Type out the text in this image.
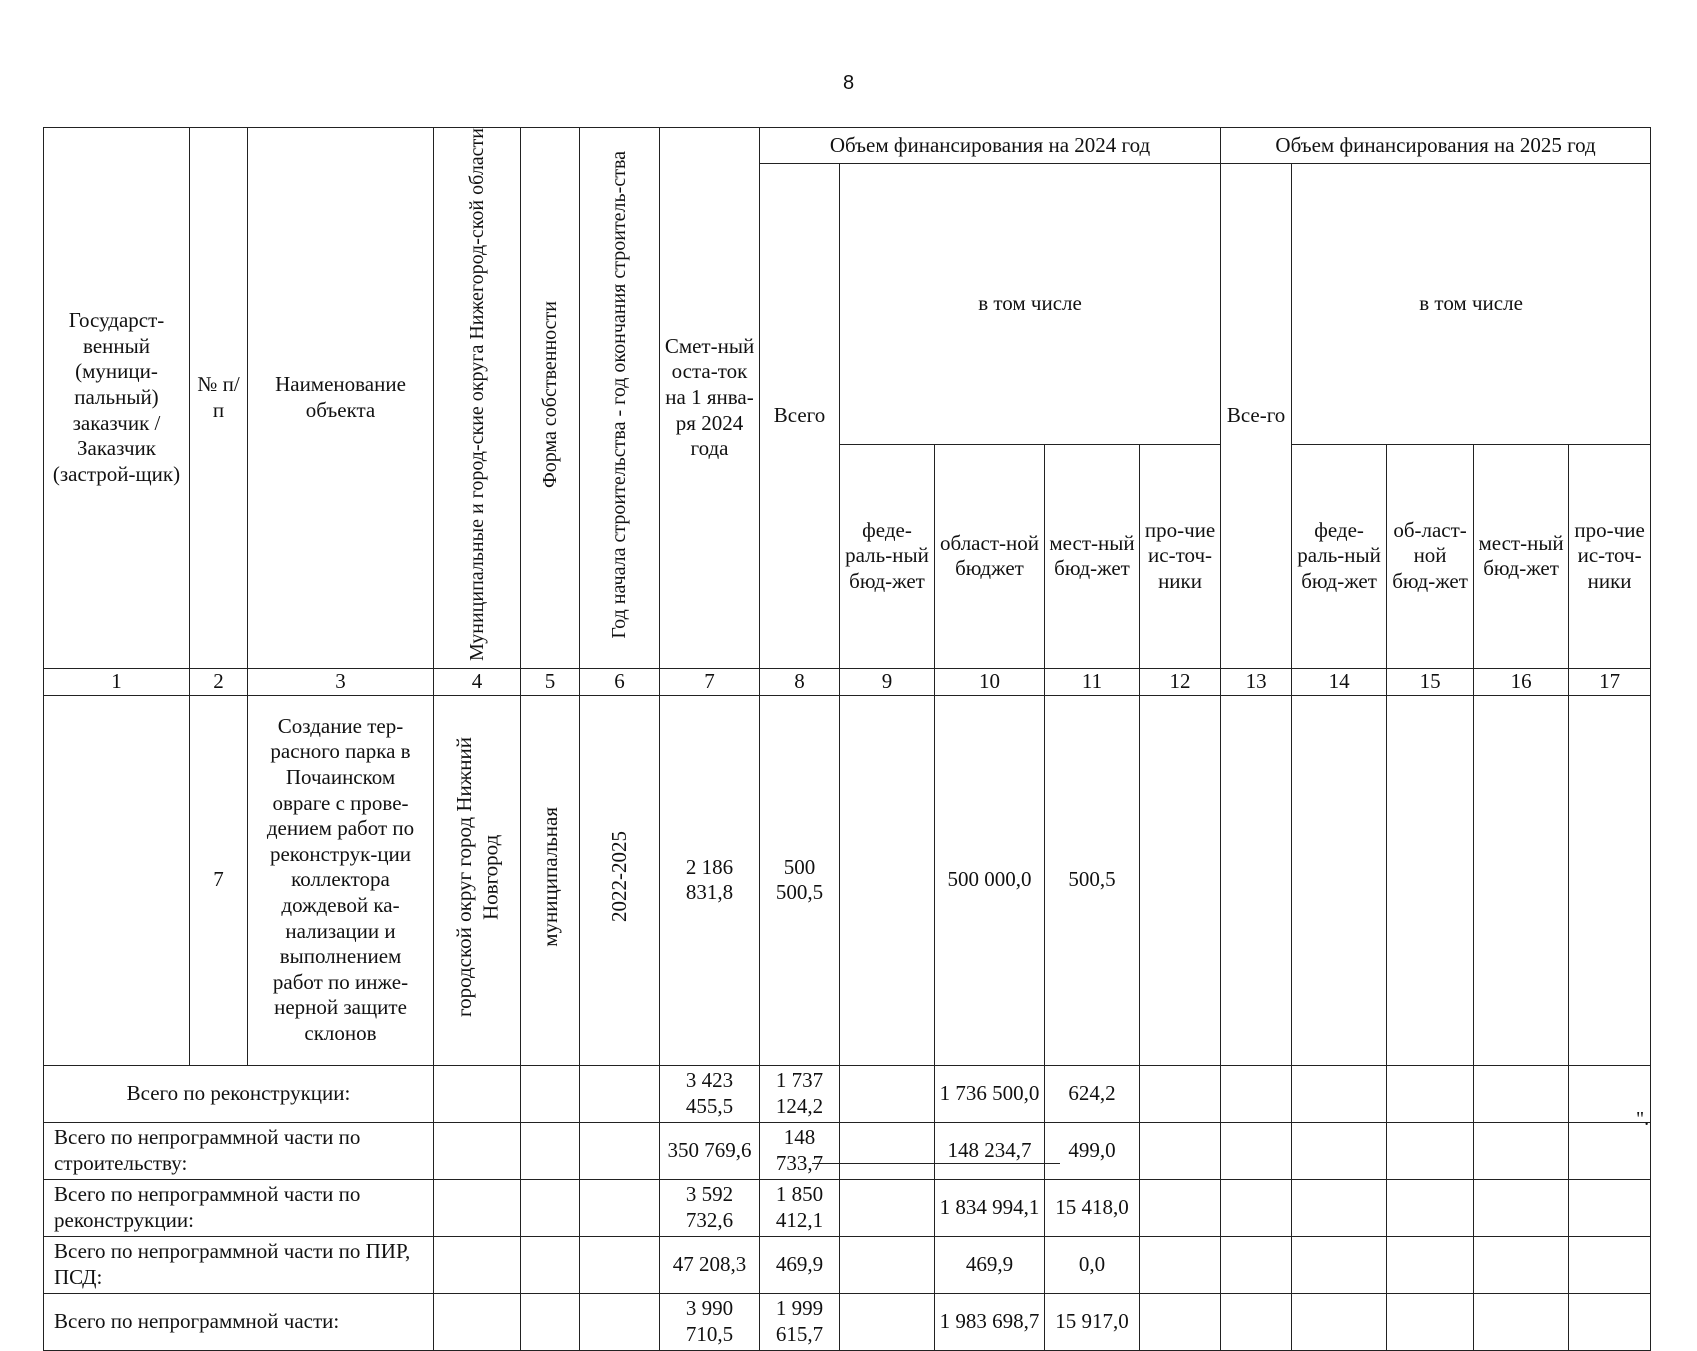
8
Государст-венный (муници-пальный) заказчик / Заказчик (застрой-щик)	№ п/п	Наименование объекта	Муниципальные и город-ские округа Нижегород-ской области	Форма собственности	Год начала строительства - год окончания строитель-ства	Смет-ный оста-ток на 1 янва-ря 2024 года	Объем финансирования на 2024 год					Объем финансирования на 2025 год				
							Всего	в том числе				Все-го	в том числе			
								феде-раль-ный бюд-жет	област-ной бюджет	мест-ный бюд-жет	про-чие ис-точ-ники		феде-раль-ный бюд-жет	об-ласт-ной бюд-жет	мест-ный бюд-жет	про-чие ис-точ-ники
1	2	3	4	5	6	7	8	9	10	11	12	13	14	15	16	17
	7	Создание тер-расного парка в Почаинском овраге с прове-дением работ по реконструк-ции коллектора дождевой ка-нализации и выполнением работ по инже-нерной защите склонов	городской округ город Нижний Новгород	муниципальная	2022-2025	2 186 831,8	500 500,5		500 000,0	500,5						
Всего по реконструкции:						3 423 455,5	1 737 124,2		1 736 500,0	624,2						
Всего по непрограммной части по строительству:						350 769,6	148 733,7		148 234,7	499,0						
Всего по непрограммной части по реконструкции:						3 592 732,6	1 850 412,1		1 834 994,1	15 418,0						
Всего по непрограммной части по ПИР, ПСД:						47 208,3	469,9		469,9	0,0						
Всего по непрограммной части:						3 990 710,5	1 999 615,7		1 983 698,7	15 917,0						
".
